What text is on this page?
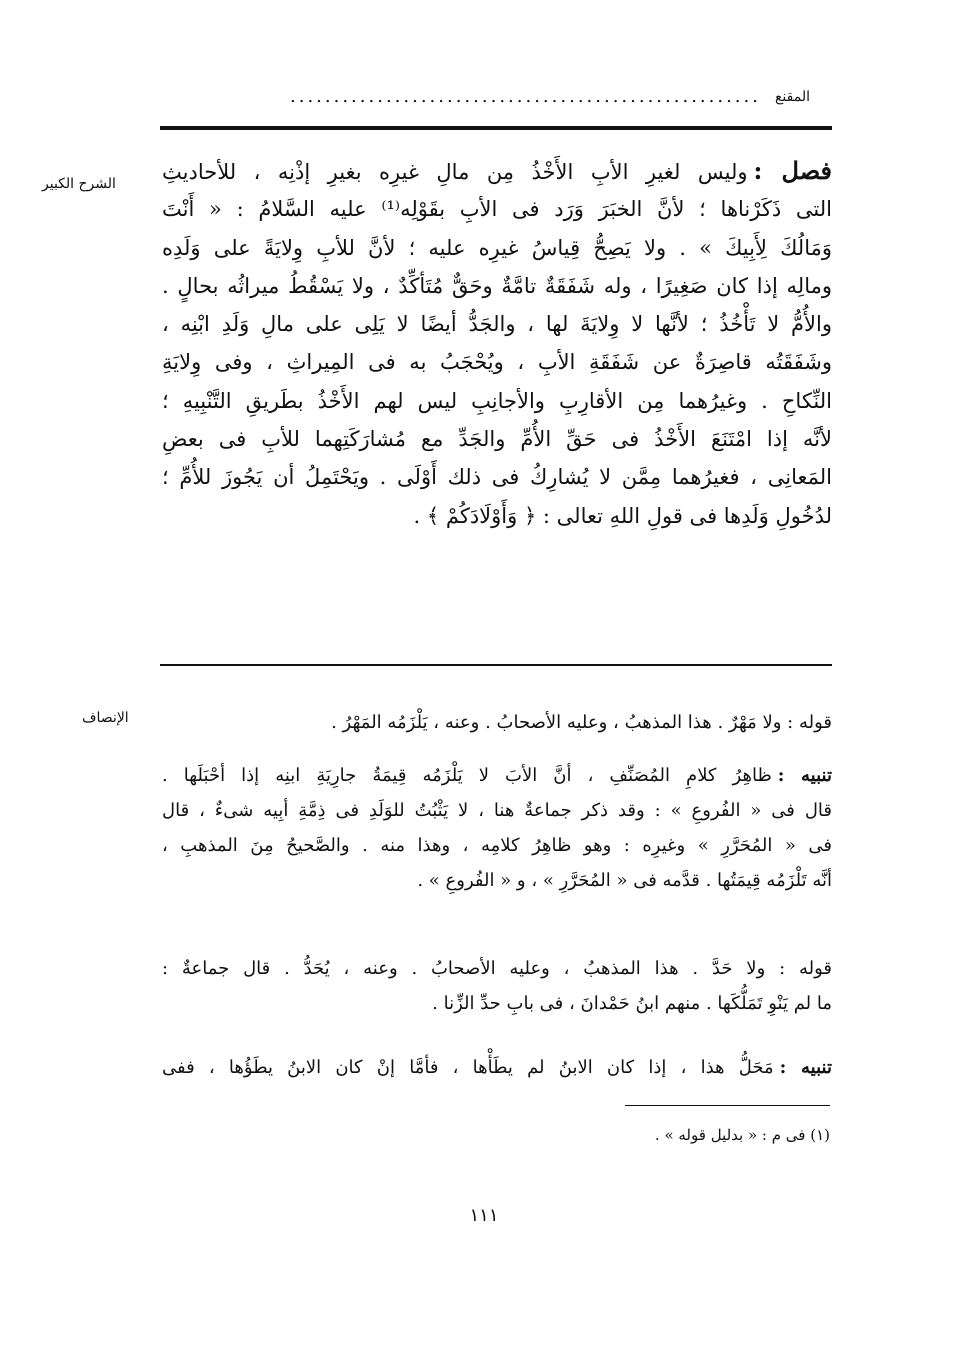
المقنع
......................................................
الشرح الكبير	فصل :وليس لغيرِ الأبِ الأَخْذُ مِن مالِ غيرِه بغيرِ إذْنِه ، للأحاديثِ
التى ذَكَرْناها ؛ لأنَّ الخبَرَ وَرَد فى الأبِ بقَوْلِه⁽¹⁾ عليه السَّلامُ : « أَنْتَ
وَمَالُكَ لِأَبِيكَ » . ولا يَصِحُّ قِياسُ غيرِه عليه ؛ لأنَّ للأبِ وِلايَةً على وَلَدِه
ومالِه إذا كان صَغِيرًا ، وله شَفَقَةٌ تامَّةٌ وحَقٌّ مُتَأكِّدٌ ، ولا يَسْقُطُ ميراثُه بحالٍ .
والأُمُّ لا تَأْخُذُ ؛ لأنَّها لا وِلايَةَ لها ، والجَدُّ أيضًا لا يَلِى على مالِ وَلَدِ ابْنِه ،
وشَفَقَتُه قاصِرَةٌ عن شَفَقَةِ الأبِ ، ويُحْجَبُ به فى المِيراثِ ، وفى وِلايَةِ
النِّكاحِ . وغيرُهما مِن الأقارِبِ والأجانِبِ ليس لهم الأَخْذُ بطَريقِ التَّنْبِيهِ ؛
لأنَّه إذا امْتَنَعَ الأَخْذُ فى حَقِّ الأُمِّ والجَدِّ مع مُشارَكَتِهما للأبِ فى بعضِ
المَعانِى ، فغيرُهما مِمَّن لا يُشارِكُ فى ذلك أَوْلَى . ويَحْتَمِلُ أن يَجُوزَ للأُمِّ ؛
لدُخُولِ وَلَدِها فى قولِ اللهِ تعالى : ﴿ وَأَوْلَادَكُمْ ﴾ .
الإنصاف	قوله : ولا مَهْرٌ . هذا المذهبُ ، وعليه الأصحابُ . وعنه ، يَلْزَمُه المَهْرُ .
تنبيه :ظاهِرُ كلامِ المُصَنِّفِ ، أنَّ الأبَ لا يَلْزَمُه قِيمَةُ جارِيَةِ ابنِه إذا أحْبَلَها .
قال فى « الفُروعِ » : وقد ذكر جماعةٌ هنا ، لا يَثْبُتُ للوَلَدِ فى ذِمَّةِ أبِيه شىءٌ ، قال
فى « المُحَرَّرِ » وغيرِه : وهو ظاهِرُ كلامِه ، وهذا منه . والصَّحيحُ مِنَ المذهبِ ،
أنَّه تَلْزَمُه قِيمَتُها . قدَّمه فى « المُحَرَّرِ » ، و « الفُروعِ » .
قوله : ولا حَدَّ . هذا المذهبُ ، وعليه الأصحابُ . وعنه ، يُحَدُّ . قال جماعةٌ :
ما لم يَنْوِ تَمَلُّكَها . منهم ابنُ حَمْدانَ ، فى بابِ حدِّ الزِّنا .
تنبيه :مَحَلُّ هذا ، إذا كان الابنُ لم يطَأْها ، فأمَّا إنْ كان الابنُ يطَؤُها ، ففى
(١) فى م : « بدليل قوله » .
١١١
